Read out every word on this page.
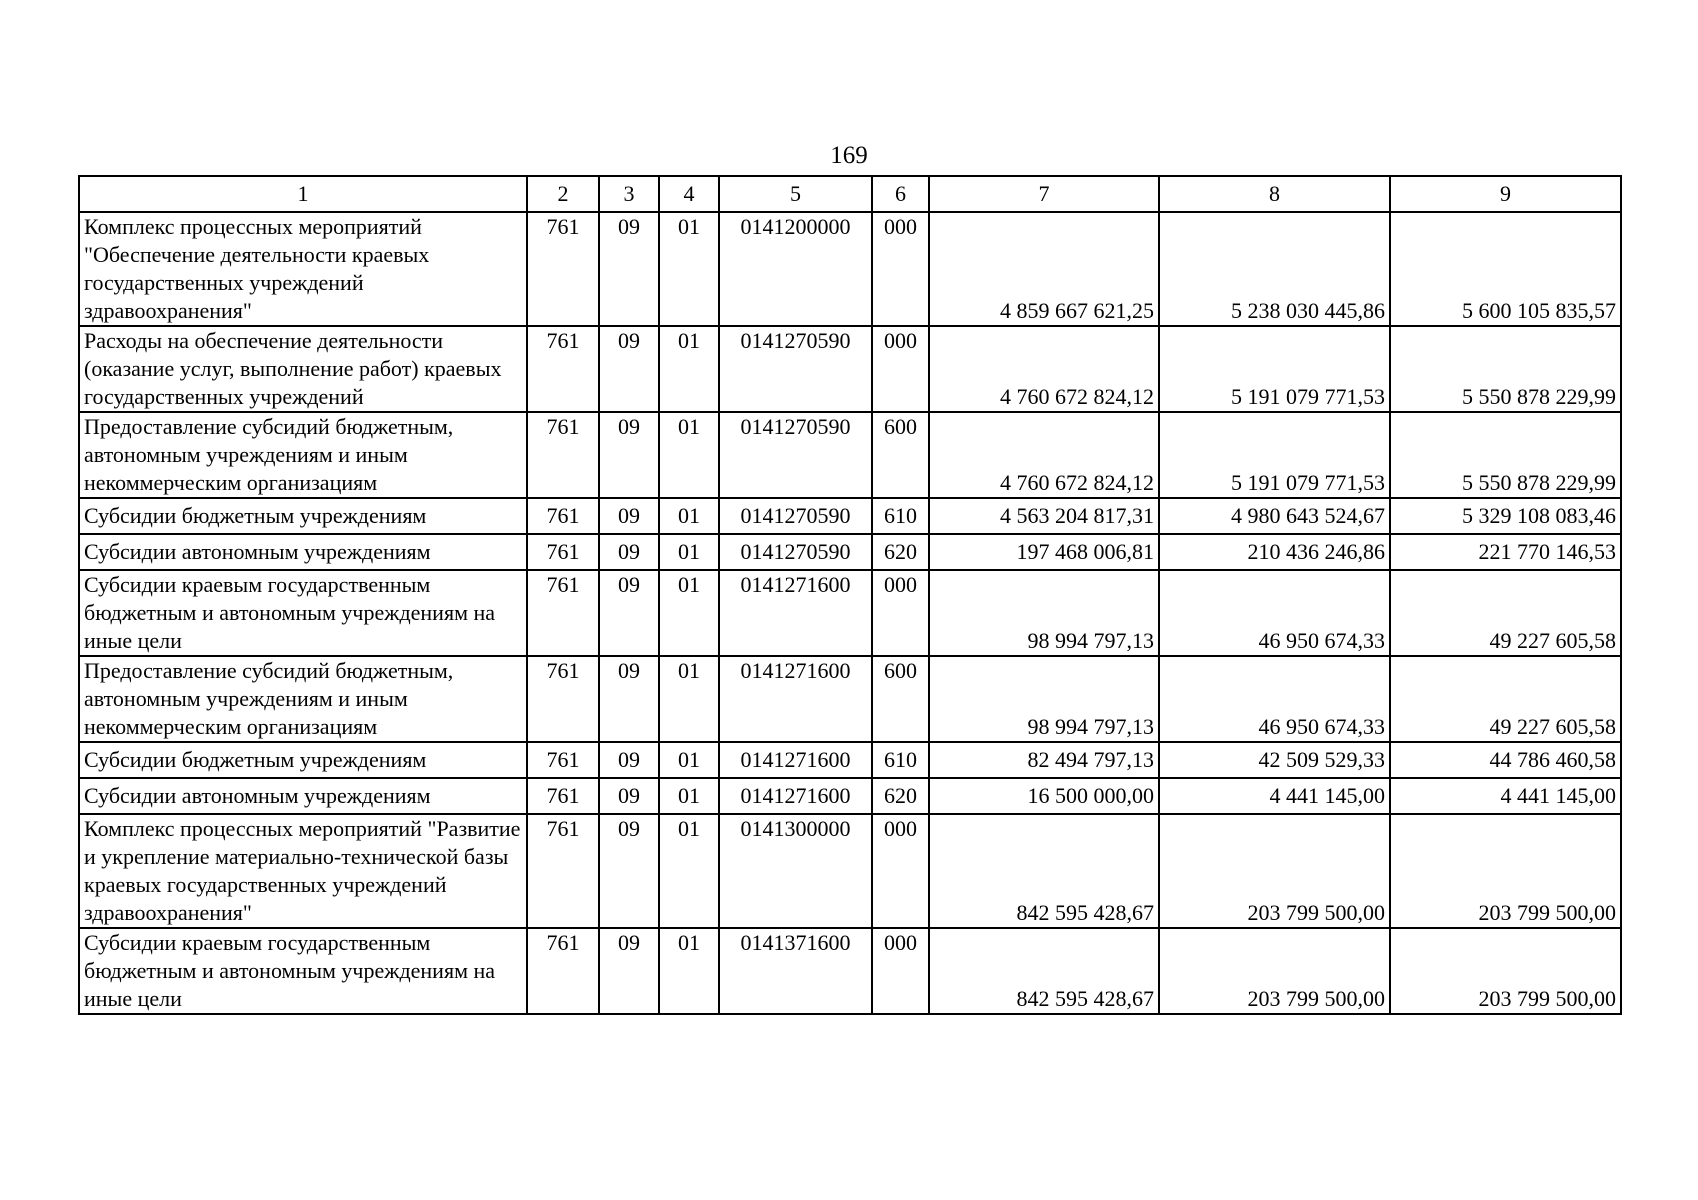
169
1	2	3	4	5	6	7	8	9
Комплекс процессных мероприятий "Обеспечение деятельности краевых государственных учреждений здравоохранения"	761	09	01	0141200000	000	4 859 667 621,25	5 238 030 445,86	5 600 105 835,57
Расходы на обеспечение деятельности (оказание услуг, выполнение работ) краевых государственных учреждений	761	09	01	0141270590	000	4 760 672 824,12	5 191 079 771,53	5 550 878 229,99
Предоставление субсидий бюджетным, автономным учреждениям и иным некоммерческим организациям	761	09	01	0141270590	600	4 760 672 824,12	5 191 079 771,53	5 550 878 229,99
Субсидии бюджетным учреждениям	761	09	01	0141270590	610	4 563 204 817,31	4 980 643 524,67	5 329 108 083,46
Субсидии автономным учреждениям	761	09	01	0141270590	620	197 468 006,81	210 436 246,86	221 770 146,53
Субсидии краевым государственным бюджетным и автономным учреждениям на иные цели	761	09	01	0141271600	000	98 994 797,13	46 950 674,33	49 227 605,58
Предоставление субсидий бюджетным, автономным учреждениям и иным некоммерческим организациям	761	09	01	0141271600	600	98 994 797,13	46 950 674,33	49 227 605,58
Субсидии бюджетным учреждениям	761	09	01	0141271600	610	82 494 797,13	42 509 529,33	44 786 460,58
Субсидии автономным учреждениям	761	09	01	0141271600	620	16 500 000,00	4 441 145,00	4 441 145,00
Комплекс процессных мероприятий "Развитие и укрепление материально-технической базы краевых государственных учреждений здравоохранения"	761	09	01	0141300000	000	842 595 428,67	203 799 500,00	203 799 500,00
Субсидии краевым государственным бюджетным и автономным учреждениям на иные цели	761	09	01	0141371600	000	842 595 428,67	203 799 500,00	203 799 500,00
